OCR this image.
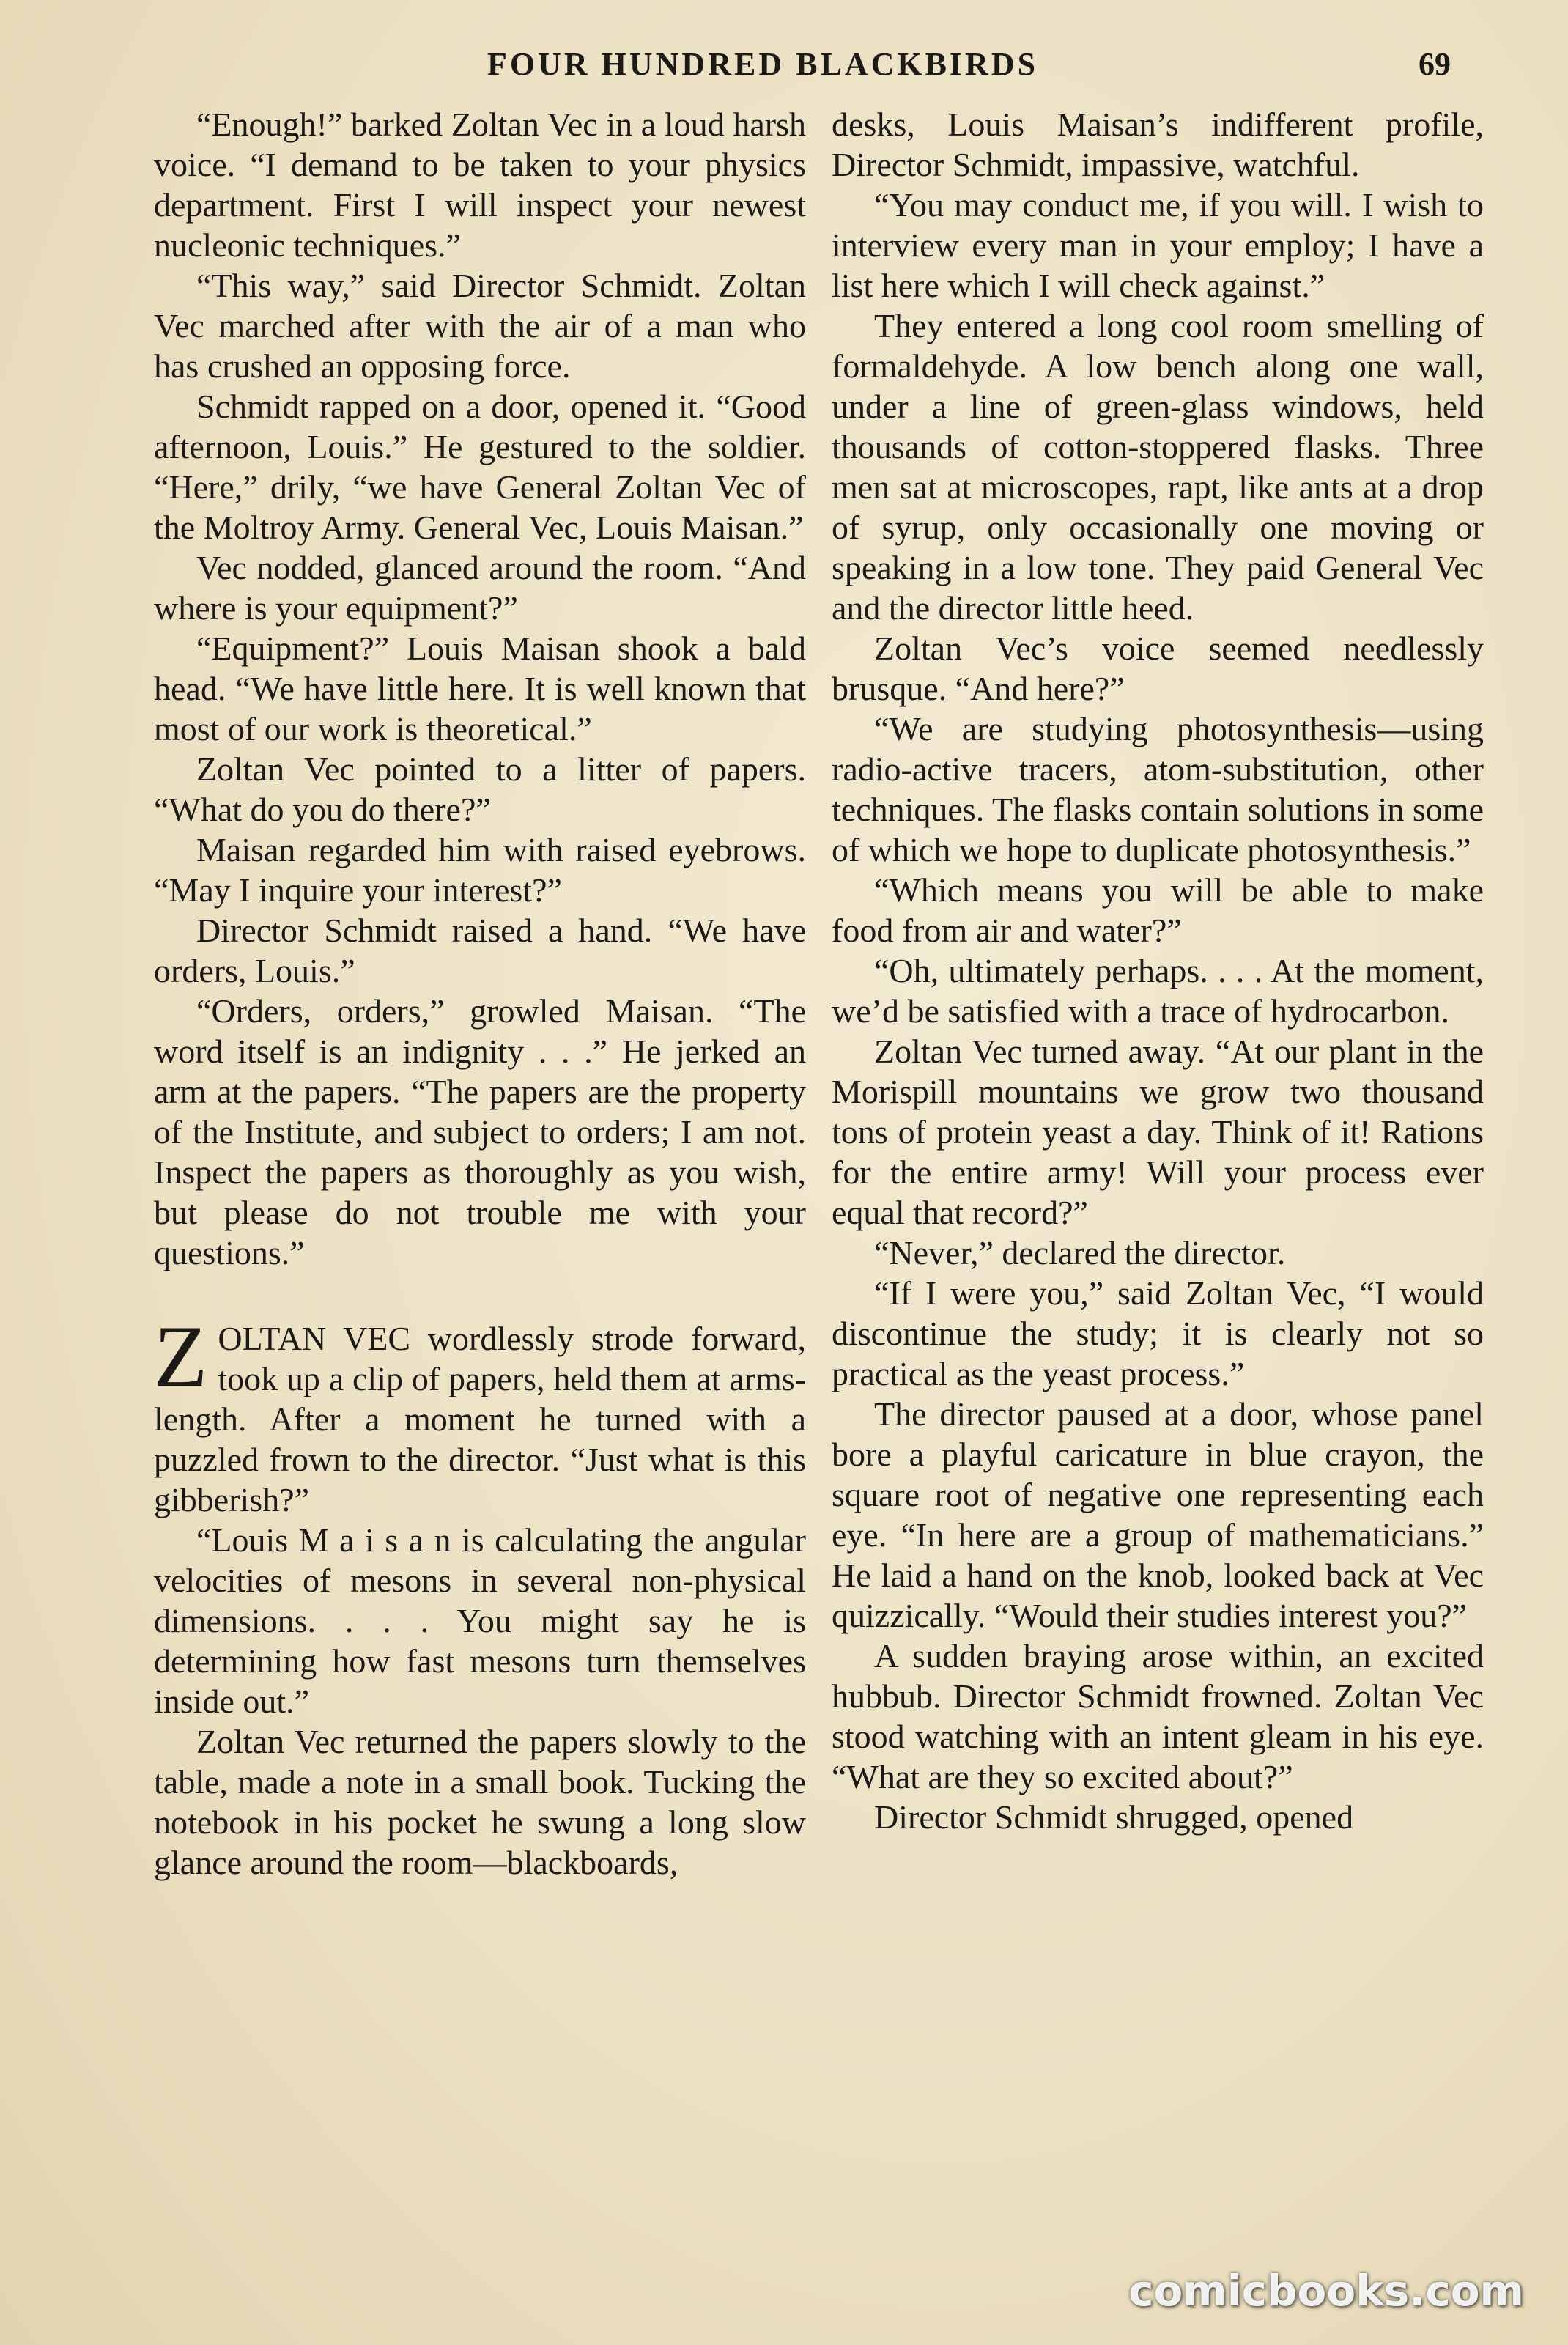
FOUR HUNDRED BLACKBIRDS	69

“Enough!” barked Zoltan Vec in a loud harsh voice. “I demand to be taken to your physics department. First I will inspect your newest nucleonic techniques.”

“This way,” said Director Schmidt. Zoltan Vec marched after with the air of a man who has crushed an opposing force.

Schmidt rapped on a door, opened it. “Good afternoon, Louis.” He gestured to the soldier. “Here,” drily, “we have General Zoltan Vec of the Moltroy Army. General Vec, Louis Maisan.”

Vec nodded, glanced around the room. “And where is your equipment?”

“Equipment?” Louis Maisan shook a bald head. “We have little here. It is well known that most of our work is theoretical.”

Zoltan Vec pointed to a litter of papers. “What do you do there?”

Maisan regarded him with raised eyebrows. “May I inquire your interest?”

Director Schmidt raised a hand. “We have orders, Louis.”

“Orders, orders,” growled Maisan. “The word itself is an indignity . . .” He jerked an arm at the papers. “The papers are the property of the Institute, and subject to orders; I am not. Inspect the papers as thoroughly as you wish, but please do not trouble me with your questions.”

ZOLTAN VEC wordlessly strode forward, took up a clip of papers, held them at arms-length. After a moment he turned with a puzzled frown to the director. “Just what is this gibberish?”

“Louis M a i s a n is calculating the angular velocities of mesons in several non-physical dimensions. . . . You might say he is determining how fast mesons turn themselves inside out.”

Zoltan Vec returned the papers slowly to the table, made a note in a small book. Tucking the notebook in his pocket he swung a long slow glance around the room—blackboards,

desks, Louis Maisan’s indifferent profile, Director Schmidt, impassive, watchful.

“You may conduct me, if you will. I wish to interview every man in your employ; I have a list here which I will check against.”

They entered a long cool room smelling of formaldehyde. A low bench along one wall, under a line of green-glass windows, held thousands of cotton-stoppered flasks. Three men sat at microscopes, rapt, like ants at a drop of syrup, only occasionally one moving or speaking in a low tone. They paid General Vec and the director little heed.

Zoltan Vec’s voice seemed needlessly brusque. “And here?”

“We are studying photosynthesis—using radio-active tracers, atom-substitution, other techniques. The flasks contain solutions in some of which we hope to duplicate photosynthesis.”

“Which means you will be able to make food from air and water?”

“Oh, ultimately perhaps. . . . At the moment, we’d be satisfied with a trace of hydrocarbon.

Zoltan Vec turned away. “At our plant in the Morispill mountains we grow two thousand tons of protein yeast a day. Think of it! Rations for the entire army! Will your process ever equal that record?”

“Never,” declared the director.

“If I were you,” said Zoltan Vec, “I would discontinue the study; it is clearly not so practical as the yeast process.”

The director paused at a door, whose panel bore a playful caricature in blue crayon, the square root of negative one representing each eye. “In here are a group of mathematicians.” He laid a hand on the knob, looked back at Vec quizzically. “Would their studies interest you?”

A sudden braying arose within, an excited hubbub. Director Schmidt frowned. Zoltan Vec stood watching with an intent gleam in his eye. “What are they so excited about?”

Director Schmidt shrugged, opened

comicbooks.com
